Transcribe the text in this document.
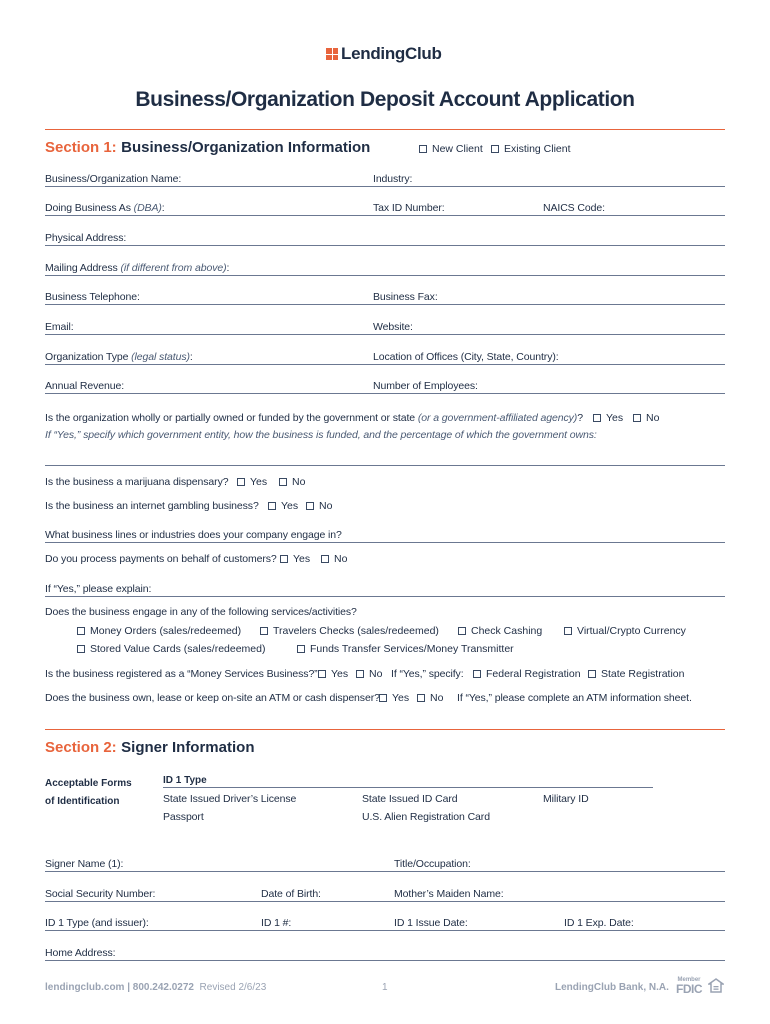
LendingClub
Business/Organization Deposit Account Application
Section 1: Business/Organization Information	New Client	Existing Client
Business/Organization Name:	Industry:
Doing Business As (DBA):	Tax ID Number:	NAICS Code:
Physical Address:
Mailing Address (if different from above):
Business Telephone:	Business Fax:
Email:	Website:
Organization Type (legal status):	Location of Offices (City, State, Country):
Annual Revenue:	Number of Employees:
Is the organization wholly or partially owned or funded by the government or state (or a government-affiliated agency)?	Yes	No
If “Yes,” specify which government entity, how the business is funded, and the percentage of which the government owns:
Is the business a marijuana dispensary?	Yes	No
Is the business an internet gambling business?	Yes	No
What business lines or industries does your company engage in?
Do you process payments on behalf of customers?	Yes	No
If “Yes,” please explain:
Does the business engage in any of the following services/activities?
Money Orders (sales/redeemed)	Travelers Checks (sales/redeemed)	Check Cashing	Virtual/Crypto Currency
Stored Value Cards (sales/redeemed)	Funds Transfer Services/Money Transmitter
Is the business registered as a “Money Services Business?”	Yes	No If “Yes,” specify:	Federal Registration	State Registration
Does the business own, lease or keep on-site an ATM or cash dispenser?	Yes	No If “Yes,” please complete an ATM information sheet.
Section 2: Signer Information
Acceptable Forms
of Identification
ID 1 Type
State Issued Driver’s License	State Issued ID Card	Military ID
Passport	U.S. Alien Registration Card
Signer Name (1):	Title/Occupation:
Social Security Number:	Date of Birth:	Mother’s Maiden Name:
ID 1 Type (and issuer):	ID 1 #:	ID 1 Issue Date:	ID 1 Exp. Date:
Home Address:
lendingclub.com | 800.242.0272 Revised 2/6/23	1	LendingClub Bank, N.A.
Member
FDIC
